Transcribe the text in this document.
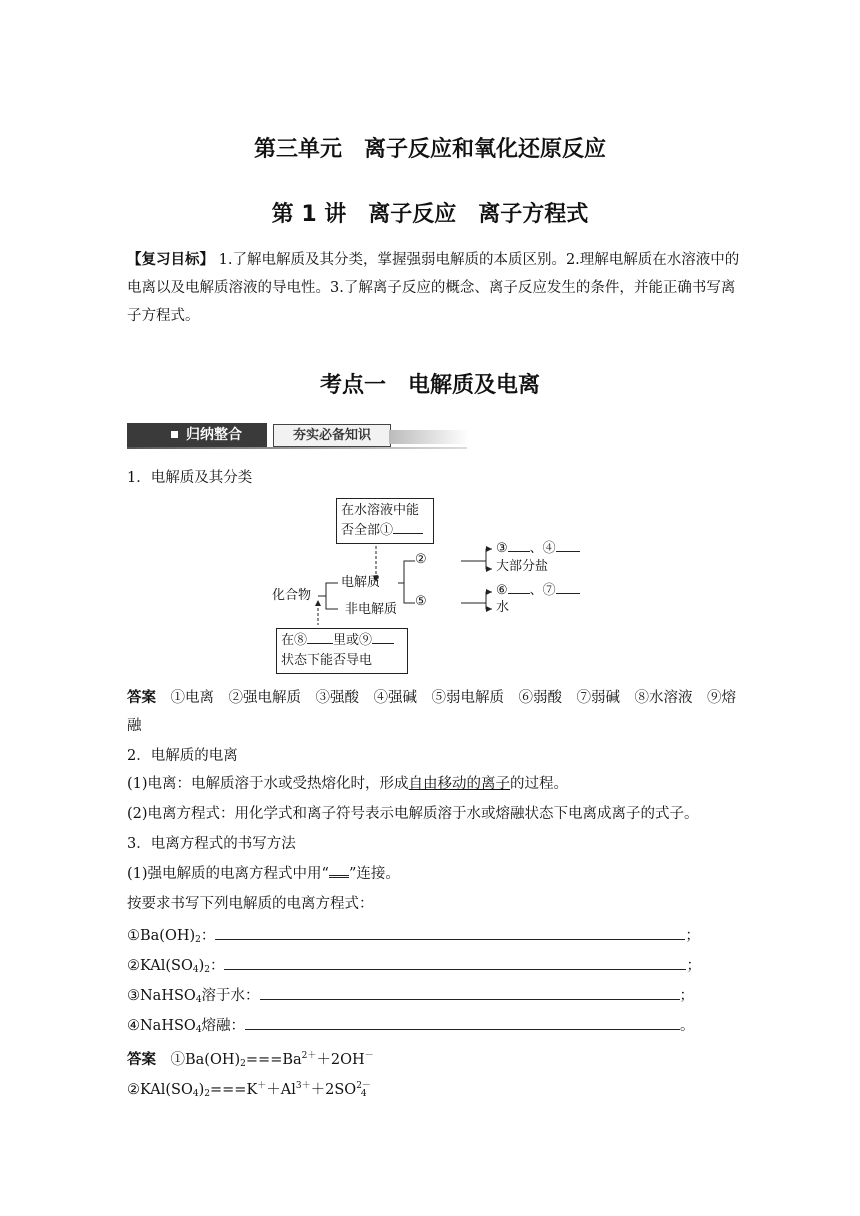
第三单元　离子反应和氧化还原反应
第 1 讲　离子反应　离子方程式
【复习目标】 1.了解电解质及其分类，掌握强弱电解质的本质区别。2.理解电解质在水溶液中的电离以及电解质溶液的导电性。3.了解离子反应的概念、离子反应发生的条件，并能正确书写离子方程式。
考点一　电解质及电离
归纳整合	夯实必备知识
1．电解质及其分类
在水溶液中能
否全部①
在⑧ 里或⑨
状态下能否导电
化合物
电解质
非电解质
②
⑤
③ 、④
大部分盐
⑥ 、⑦
水
答案　①电离　②强电解质　③强酸　④强碱　⑤弱电解质　⑥弱酸　⑦弱碱　⑧水溶液　⑨熔融
2．电解质的电离
(1)电离：电解质溶于水或受热熔化时，形成自由移动的离子的过程。
(2)电离方程式：用化学式和离子符号表示电解质溶于水或熔融状态下电离成离子的式子。
3．电离方程式的书写方法
(1)强电解质的电离方程式中用“ ”连接。
按要求书写下列电解质的电离方程式：
$①Ba(OH)_2$：	；
$②KAl(SO_4)_2$：	；
③NaHSO$_4$溶于水：	；
④NaHSO$_4$熔融：	。
答案　$①Ba(OH)_2===Ba^{2+}+2OH^-$
$②KAl(SO_4)_2===K^++Al^{3+}+2SO^{2-}_4$
